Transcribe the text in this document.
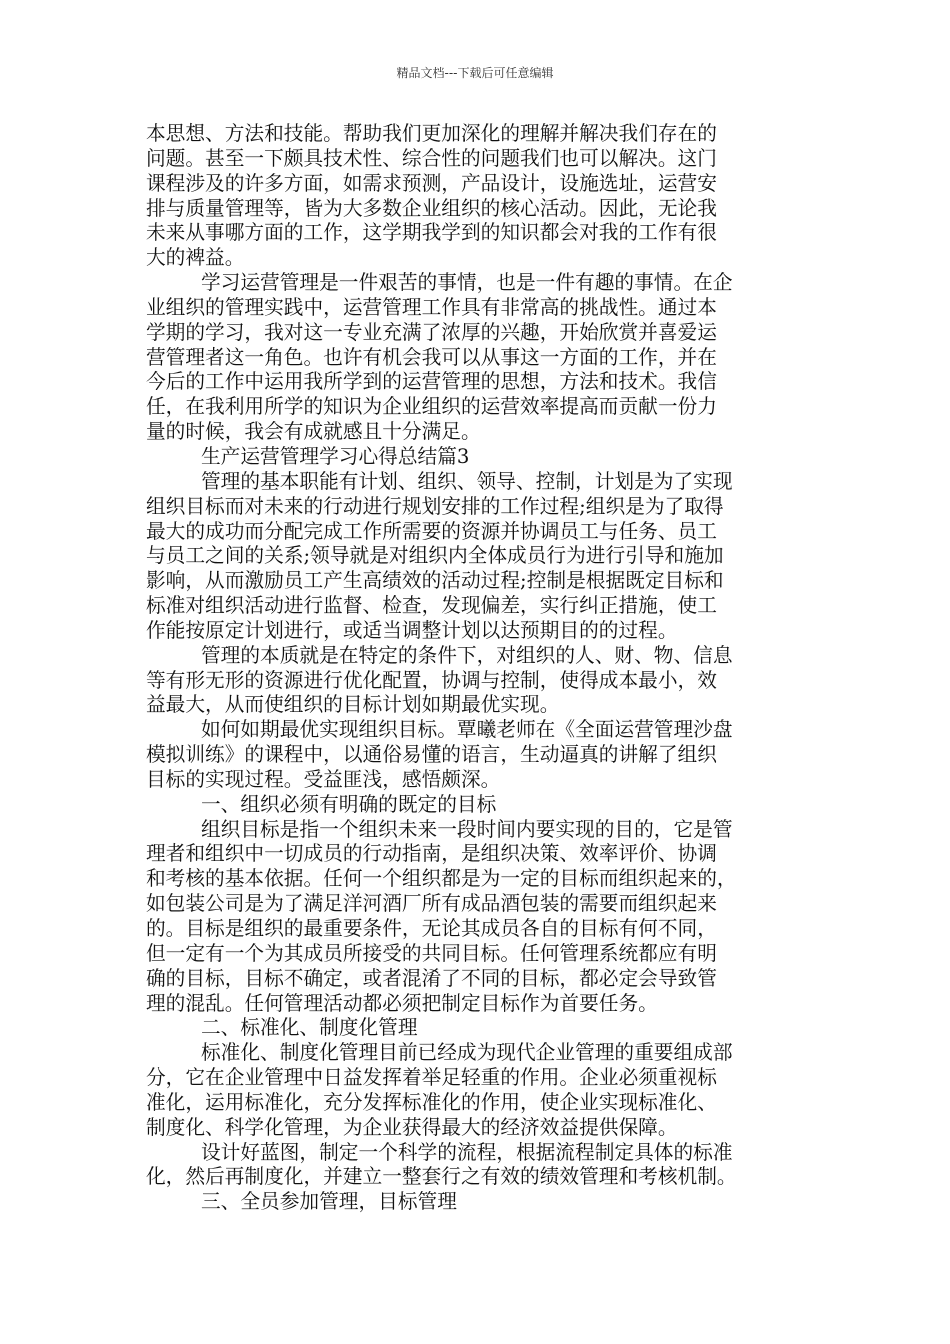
精品文档---下载后可任意编辑
本思想、方法和技能。帮助我们更加深化的理解并解决我们存在的
问题。甚至一下颇具技术性、综合性的问题我们也可以解决。这门
课程涉及的许多方面，如需求预测，产品设计，设施选址，运营安
排与质量管理等，皆为大多数企业组织的核心活动。因此，无论我
未来从事哪方面的工作，这学期我学到的知识都会对我的工作有很
大的裨益。
学习运营管理是一件艰苦的事情，也是一件有趣的事情。在企
业组织的管理实践中，运营管理工作具有非常高的挑战性。通过本
学期的学习，我对这一专业充满了浓厚的兴趣，开始欣赏并喜爱运
营管理者这一角色。也许有机会我可以从事这一方面的工作，并在
今后的工作中运用我所学到的运营管理的思想，方法和技术。我信
任，在我利用所学的知识为企业组织的运营效率提高而贡献一份力
量的时候，我会有成就感且十分满足。
生产运营管理学习心得总结篇3
管理的基本职能有计划、组织、领导、控制，计划是为了实现
组织目标而对未来的行动进行规划安排的工作过程;组织是为了取得
最大的成功而分配完成工作所需要的资源并协调员工与任务、员工
与员工之间的关系;领导就是对组织内全体成员行为进行引导和施加
影响，从而激励员工产生高绩效的活动过程;控制是根据既定目标和
标准对组织活动进行监督、检查，发现偏差，实行纠正措施，使工
作能按原定计划进行，或适当调整计划以达预期目的的过程。
管理的本质就是在特定的条件下，对组织的人、财、物、信息
等有形无形的资源进行优化配置，协调与控制，使得成本最小，效
益最大，从而使组织的目标计划如期最优实现。
如何如期最优实现组织目标。覃曦老师在《全面运营管理沙盘
模拟训练》的课程中，以通俗易懂的语言，生动逼真的讲解了组织
目标的实现过程。受益匪浅，感悟颇深。
一、组织必须有明确的既定的目标
组织目标是指一个组织未来一段时间内要实现的目的，它是管
理者和组织中一切成员的行动指南，是组织决策、效率评价、协调
和考核的基本依据。任何一个组织都是为一定的目标而组织起来的，
如包装公司是为了满足洋河酒厂所有成品酒包装的需要而组织起来
的。目标是组织的最重要条件，无论其成员各自的目标有何不同，
但一定有一个为其成员所接受的共同目标。任何管理系统都应有明
确的目标，目标不确定，或者混淆了不同的目标，都必定会导致管
理的混乱。任何管理活动都必须把制定目标作为首要任务。
二、标准化、制度化管理
标准化、制度化管理目前已经成为现代企业管理的重要组成部
分，它在企业管理中日益发挥着举足轻重的作用。企业必须重视标
准化，运用标准化，充分发挥标准化的作用，使企业实现标准化、
制度化、科学化管理，为企业获得最大的经济效益提供保障。
设计好蓝图，制定一个科学的流程，根据流程制定具体的标准
化，然后再制度化，并建立一整套行之有效的绩效管理和考核机制。
三、全员参加管理，目标管理
